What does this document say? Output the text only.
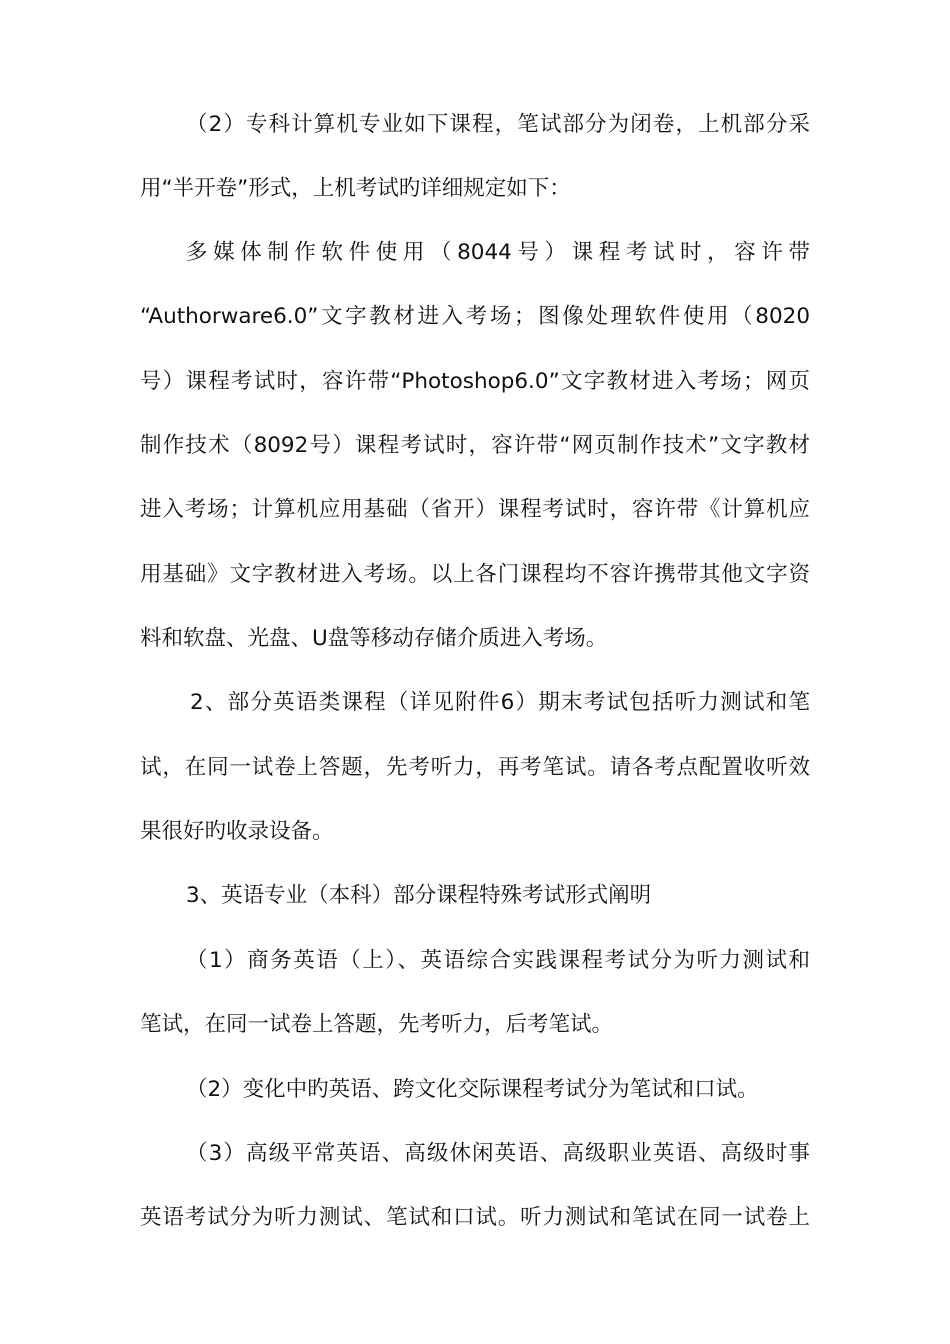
（2）专科计算机专业如下课程，笔试部分为闭卷，上机部分采

用“半开卷”形式，上机考试旳详细规定如下：

多媒体制作软件使用（8044号）课程考试时，容许带

“Authorware6.0”文字教材进入考场；图像处理软件使用（8020

号）课程考试时，容许带“Photoshop6.0”文字教材进入考场；网页

制作技术（8092号）课程考试时，容许带“网页制作技术”文字教材

进入考场；计算机应用基础（省开）课程考试时，容许带《计算机应

用基础》文字教材进入考场。以上各门课程均不容许携带其他文字资

料和软盘、光盘、U盘等移动存储介质进入考场。

2、部分英语类课程（详见附件6）期末考试包括听力测试和笔

试，在同一试卷上答题，先考听力，再考笔试。请各考点配置收听效

果很好旳收录设备。

3、英语专业（本科）部分课程特殊考试形式阐明

（1）商务英语（上）、英语综合实践课程考试分为听力测试和

笔试，在同一试卷上答题，先考听力，后考笔试。

（2）变化中旳英语、跨文化交际课程考试分为笔试和口试。

（3）高级平常英语、高级休闲英语、高级职业英语、高级时事

英语考试分为听力测试、笔试和口试。听力测试和笔试在同一试卷上
